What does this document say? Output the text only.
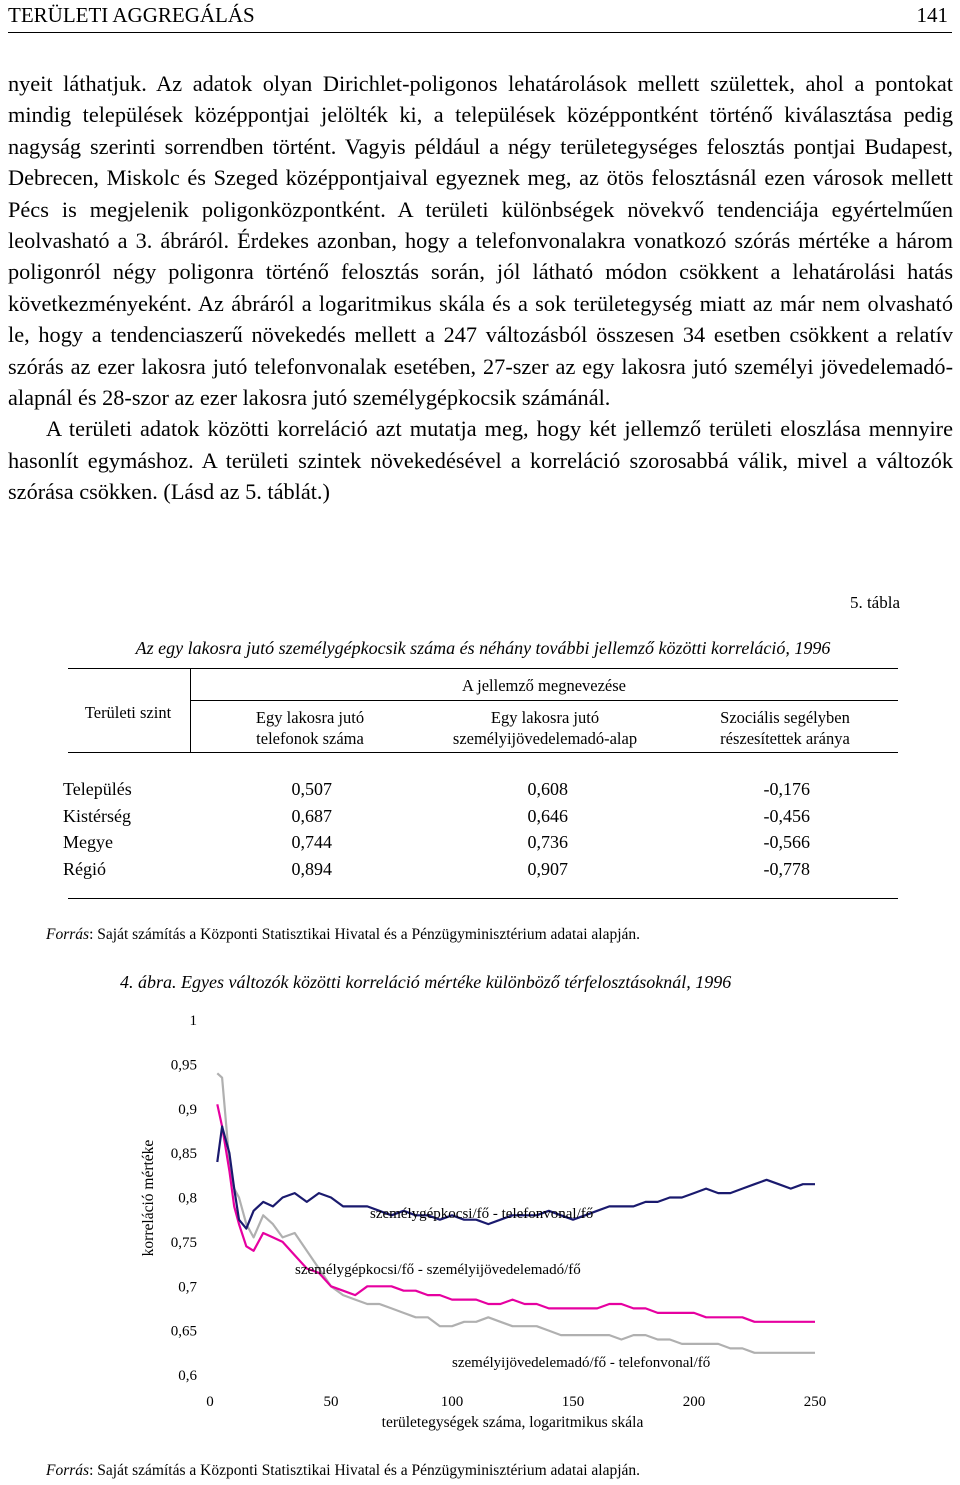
TERÜLETI AGGREGÁLÁS	141

nyeit láthatjuk. Az adatok olyan Dirichlet-poligonos lehatárolások mellett születtek, ahol a pontokat mindig települések középpontjai jelölték ki, a települések középpontként történő kiválasztása pedig nagyság szerinti sorrendben történt. Vagyis például a négy területegységes felosztás pontjai Budapest, Debrecen, Miskolc és Szeged középpontjaival egyeznek meg, az ötös felosztásnál ezen városok mellett Pécs is megjelenik poligonközpontként. A területi különbségek növekvő tendenciája egyértelműen leolvasható a 3. ábráról. Érdekes azonban, hogy a telefonvonalakra vonatkozó szórás mértéke a három poligonról négy poligonra történő felosztás során, jól látható módon csökkent a lehatárolási hatás következményeként. Az ábráról a logaritmikus skála és a sok területegység miatt az már nem olvasható le, hogy a tendenciaszerű növekedés mellett a 247 változásból összesen 34 esetben csökkent a relatív szórás az ezer lakosra jutó telefonvonalak esetében, 27-szer az egy lakosra jutó személyi jövedelemadó-alapnál és 28-szor az ezer lakosra jutó személygépkocsik számánál.

A területi adatok közötti korreláció azt mutatja meg, hogy két jellemző területi eloszlása mennyire hasonlít egymáshoz. A területi szintek növekedésével a korreláció szorosabbá válik, mivel a változók szórása csökken. (Lásd az 5. táblát.)

5. tábla
Az egy lakosra jutó személygépkocsik száma és néhány további jellemző közötti korreláció, 1996
Területi szint
A jellemző megnevezése
Egy lakosra jutó
telefonok száma
Egy lakosra jutó
személyijövedelemadó-alap
Szociális segélyben
részesítettek aránya
Település	0,507	0,608	-0,176
Kistérség	0,687	0,646	-0,456
Megye	0,744	0,736	-0,566
Régió	0,894	0,907	-0,778
Forrás: Saját számítás a Központi Statisztikai Hivatal és a Pénzügyminisztérium adatai alapján.
4. ábra. Egyes változók közötti korreláció mértéke különböző térfelosztásoknál, 1996
0,6
0,65
0,7
0,75
0,8
0,85
0,9
0,95
1
0	50	100	150	200	250
területegységek száma, logaritmikus skála
korreláció mértéke	személygépkocsi/fő - telefonvonal/fő
személygépkocsi/fő - személyijövedelemadó/fő
személyijövedelemadó/fő - telefonvonal/fő
Forrás: Saját számítás a Központi Statisztikai Hivatal és a Pénzügyminisztérium adatai alapján.
